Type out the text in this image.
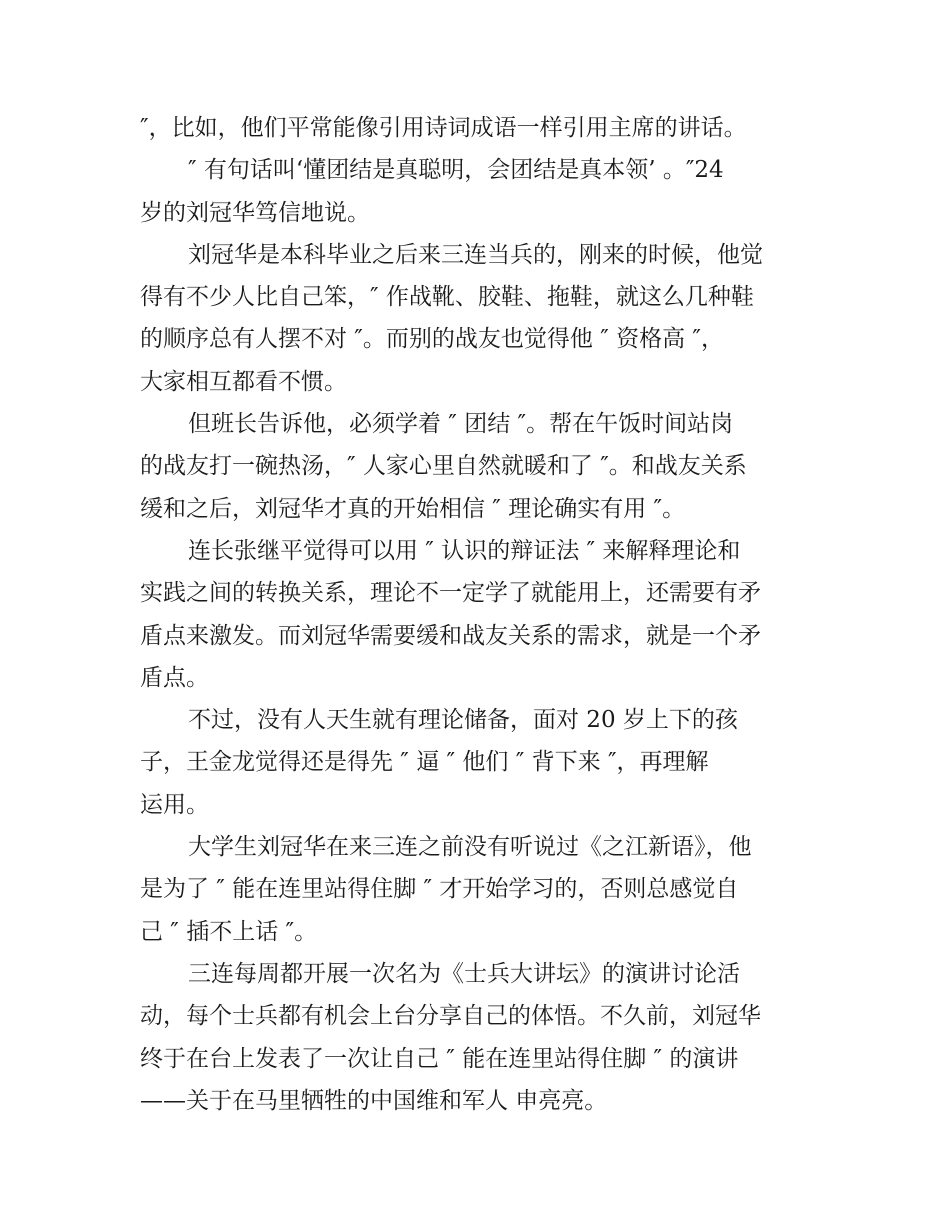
″，比如，他们平常能像引用诗词成语一样引用主席的讲话。
″ 有句话叫‘懂团结是真聪明，会团结是真本领’ 。″24
岁的刘冠华笃信地说。
刘冠华是本科毕业之后来三连当兵的，刚来的时候，他觉
得有不少人比自己笨，″ 作战靴、胶鞋、拖鞋，就这么几种鞋
的顺序总有人摆不对 ″。而别的战友也觉得他 ″ 资格高 ″，
大家相互都看不惯。
但班长告诉他，必须学着 ″ 团结 ″。帮在午饭时间站岗
的战友打一碗热汤，″ 人家心里自然就暖和了 ″。和战友关系
缓和之后，刘冠华才真的开始相信 ″ 理论确实有用 ″。
连长张继平觉得可以用 ″ 认识的辩证法 ″ 来解释理论和
实践之间的转换关系，理论不一定学了就能用上，还需要有矛
盾点来激发。而刘冠华需要缓和战友关系的需求，就是一个矛
盾点。
不过，没有人天生就有理论储备，面对 20 岁上下的孩
子，王金龙觉得还是得先 ″ 逼 ″ 他们 ″ 背下来 ″，再理解
运用。
大学生刘冠华在来三连之前没有听说过《之江新语》，他
是为了 ″ 能在连里站得住脚 ″ 才开始学习的，否则总感觉自
己 ″ 插不上话 ″。
三连每周都开展一次名为《士兵大讲坛》的演讲讨论活
动，每个士兵都有机会上台分享自己的体悟。不久前，刘冠华
终于在台上发表了一次让自己 ″ 能在连里站得住脚 ″ 的演讲
——关于在马里牺牲的中国维和军人 申亮亮。
